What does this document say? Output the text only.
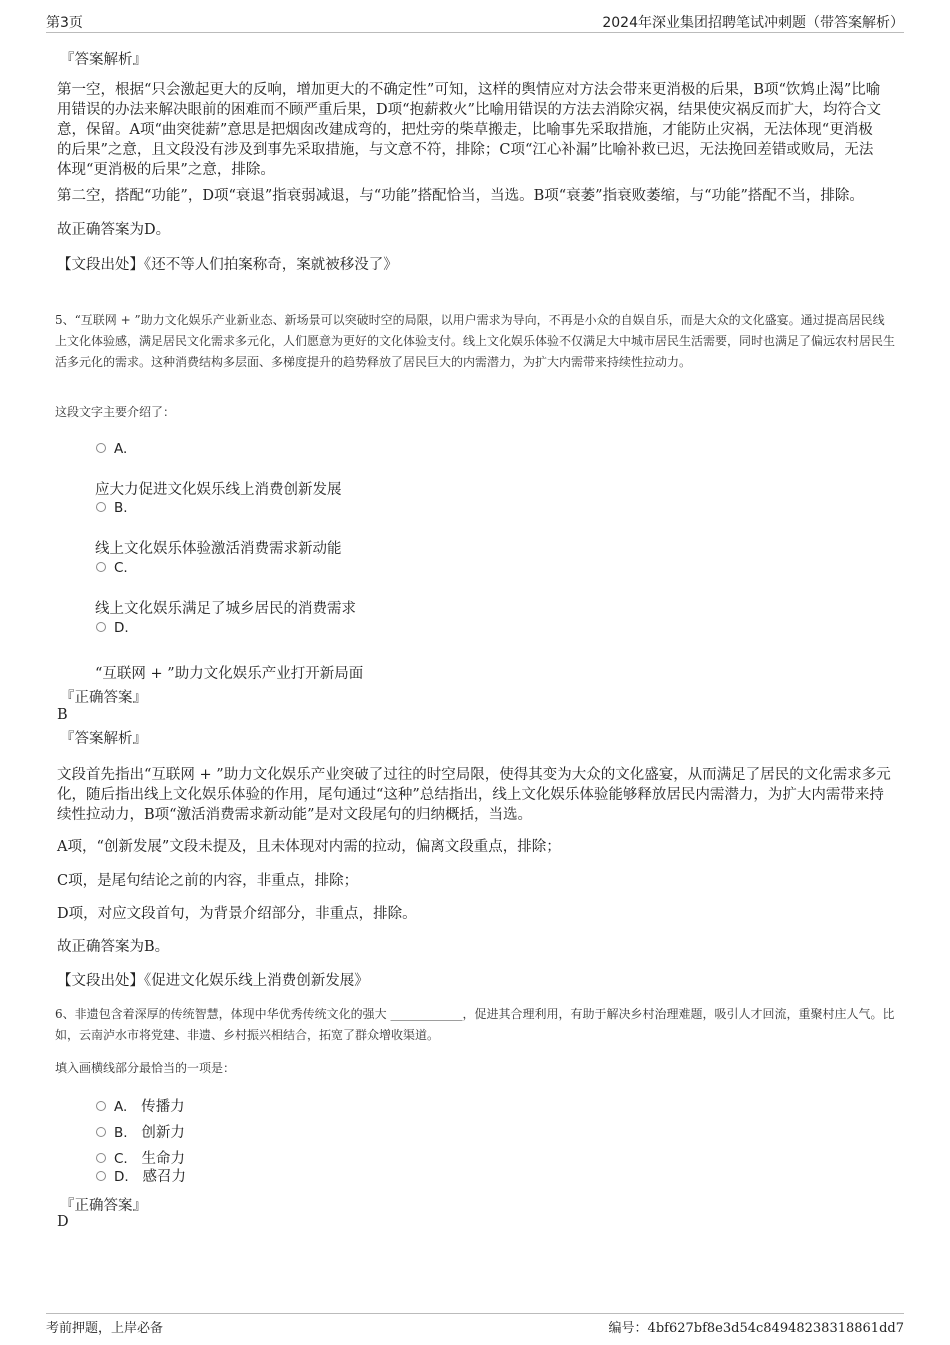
第3页	2024年深业集团招聘笔试冲刺题（带答案解析）
『答案解析』
第一空，根据“只会激起更大的反响，增加更大的不确定性”可知，这样的舆情应对方法会带来更消极的后果，B项“饮鸩止渴”比喻用错误的办法来解决眼前的困难而不顾严重后果，D项“抱薪救火”比喻用错误的方法去消除灾祸，结果使灾祸反而扩大，均符合文意，保留。A项“曲突徙薪”意思是把烟囱改建成弯的，把灶旁的柴草搬走，比喻事先采取措施，才能防止灾祸，无法体现“更消极的后果”之意，且文段没有涉及到事先采取措施，与文意不符，排除；C项“江心补漏”比喻补救已迟，无法挽回差错或败局，无法体现“更消极的后果”之意，排除。
第二空，搭配“功能”，D项“衰退”指衰弱减退，与“功能”搭配恰当，当选。B项“衰萎”指衰败萎缩，与“功能”搭配不当，排除。
故正确答案为D。
【文段出处】《还不等人们拍案称奇，案就被移没了》
5、“互联网 + ”助力文化娱乐产业新业态、新场景可以突破时空的局限，以用户需求为导向，不再是小众的自娱自乐，而是大众的文化盛宴。通过提高居民线上文化体验感，满足居民文化需求多元化，人们愿意为更好的文化体验支付。线上文化娱乐体验不仅满足大中城市居民生活需要，同时也满足了偏远农村居民生活多元化的需求。这种消费结构多层面、多梯度提升的趋势释放了居民巨大的内需潜力，为扩大内需带来持续性拉动力。
这段文字主要介绍了：
A.
应大力促进文化娱乐线上消费创新发展
B.
线上文化娱乐体验激活消费需求新动能
C.
线上文化娱乐满足了城乡居民的消费需求
D.
“互联网 + ”助力文化娱乐产业打开新局面
『正确答案』
B
『答案解析』
文段首先指出“互联网 + ”助力文化娱乐产业突破了过往的时空局限，使得其变为大众的文化盛宴，从而满足了居民的文化需求多元化，随后指出线上文化娱乐体验的作用，尾句通过“这种”总结指出，线上文化娱乐体验能够释放居民内需潜力，为扩大内需带来持续性拉动力，B项“激活消费需求新动能”是对文段尾句的归纳概括，当选。
A项，“创新发展”文段未提及，且未体现对内需的拉动，偏离文段重点，排除；
C项，是尾句结论之前的内容，非重点，排除；
D项，对应文段首句，为背景介绍部分，非重点，排除。
故正确答案为B。
【文段出处】《促进文化娱乐线上消费创新发展》
6、非遗包含着深厚的传统智慧，体现中华优秀传统文化的强大 ____________，促进其合理利用，有助于解决乡村治理难题，吸引人才回流，重聚村庄人气。比如，云南泸水市将党建、非遗、乡村振兴相结合，拓宽了群众增收渠道。
填入画横线部分最恰当的一项是：
A. 传播力
B. 创新力
C. 生命力
D. 感召力
『正确答案』
D
考前押题，上岸必备	编号：4bf627bf8e3d54c84948238318861dd7
